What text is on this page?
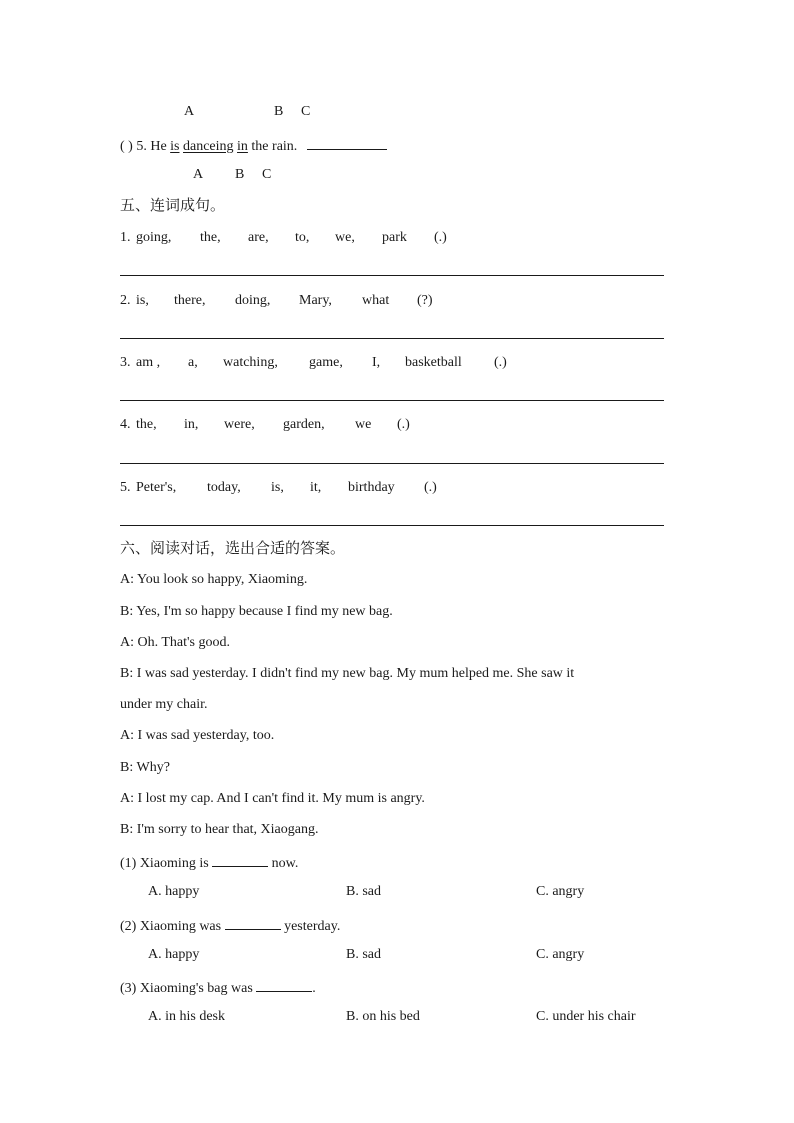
A	B C
( ) 5. He is danceing in the rain.
A B C
五、连词成句。
1. going, the, are, to, we, park (.)
2. is, there, doing, Mary, what (?)
3. am , a, watching, game, I, basketball (.)
4. the, in, were, garden, we (.)
5. Peter's, today, is, it, birthday (.)
六、阅读对话，选出合适的答案。
A: You look so happy, Xiaoming.
B: Yes, I'm so happy because I find my new bag.
A: Oh. That's good.
B: I was sad yesterday. I didn't find my new bag. My mum helped me. She saw it
under my chair.
A: I was sad yesterday, too.
B: Why?
A: I lost my cap. And I can't find it. My mum is angry.
B: I'm sorry to hear that, Xiaogang.
(1) Xiaoming is	now.
A. happy	B. sad	C. angry
(2) Xiaoming was	yesterday.
A. happy	B. sad	C. angry
(3) Xiaoming's bag was	.
A. in his desk	B. on his bed	C. under his chair
